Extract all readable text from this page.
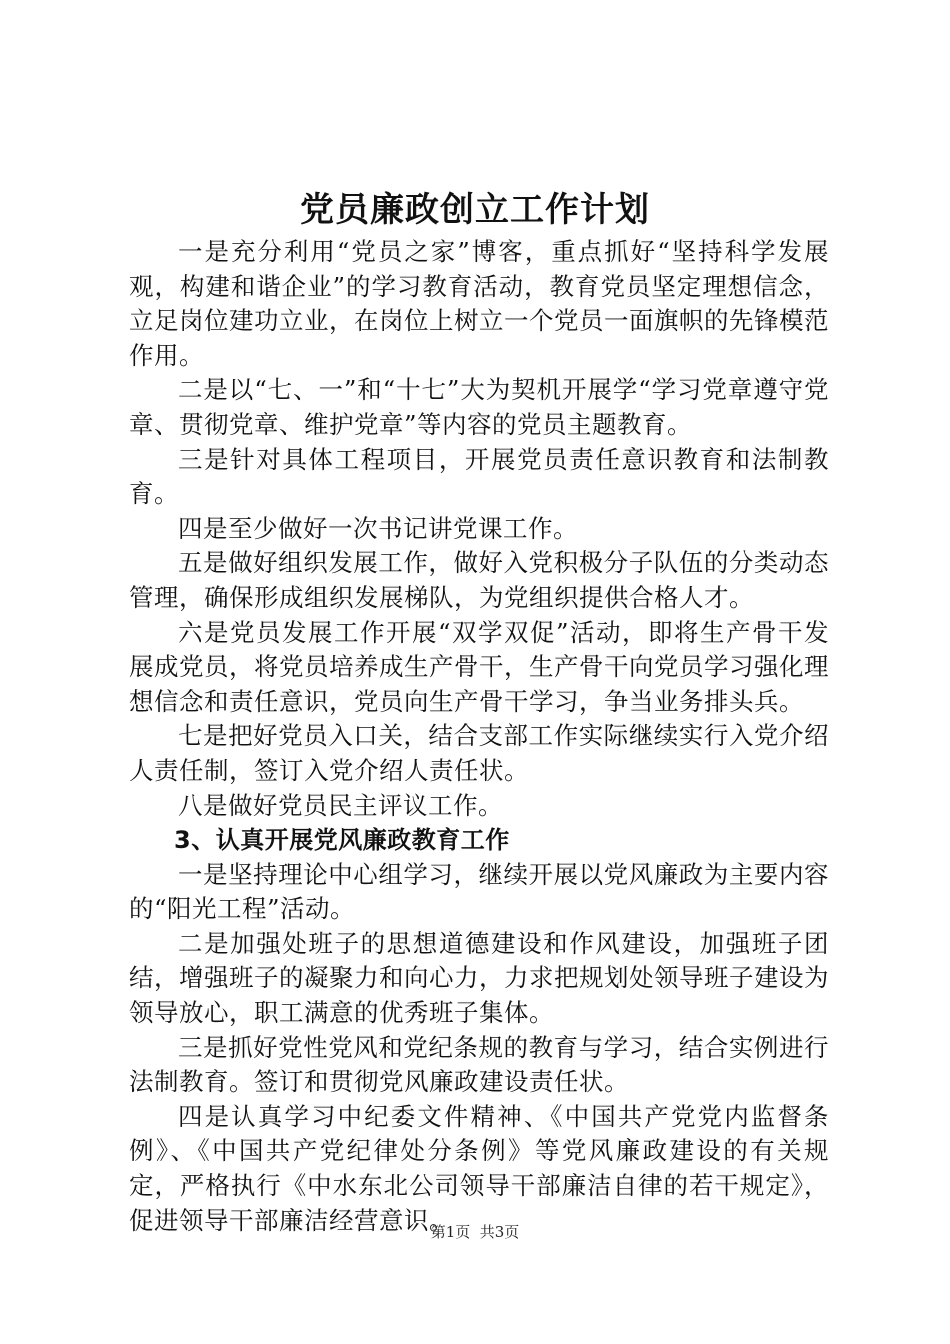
党员廉政创立工作计划

一是充分利用“党员之家”博客，重点抓好“坚持科学发展观，构建和谐企业”的学习教育活动，教育党员坚定理想信念，立足岗位建功立业，在岗位上树立一个党员一面旗帜的先锋模范作用。

二是以“七、一”和“十七”大为契机开展学“学习党章遵守党章、贯彻党章、维护党章”等内容的党员主题教育。

三是针对具体工程项目，开展党员责任意识教育和法制教育。

四是至少做好一次书记讲党课工作。

五是做好组织发展工作，做好入党积极分子队伍的分类动态管理，确保形成组织发展梯队，为党组织提供合格人才。

六是党员发展工作开展“双学双促”活动，即将生产骨干发展成党员，将党员培养成生产骨干，生产骨干向党员学习强化理想信念和责任意识，党员向生产骨干学习，争当业务排头兵。

七是把好党员入口关，结合支部工作实际继续实行入党介绍人责任制，签订入党介绍人责任状。

八是做好党员民主评议工作。

3、认真开展党风廉政教育工作

一是坚持理论中心组学习，继续开展以党风廉政为主要内容的“阳光工程”活动。

二是加强处班子的思想道德建设和作风建设，加强班子团结，增强班子的凝聚力和向心力，力求把规划处领导班子建设为领导放心，职工满意的优秀班子集体。

三是抓好党性党风和党纪条规的教育与学习，结合实例进行法制教育。签订和贯彻党风廉政建设责任状。

四是认真学习中纪委文件精神、《中国共产党党内监督条例》、《中国共产党纪律处分条例》等党风廉政建设的有关规定，严格执行《中水东北公司领导干部廉洁自律的若干规定》，促进领导干部廉洁经营意识。

第1页  共3页
